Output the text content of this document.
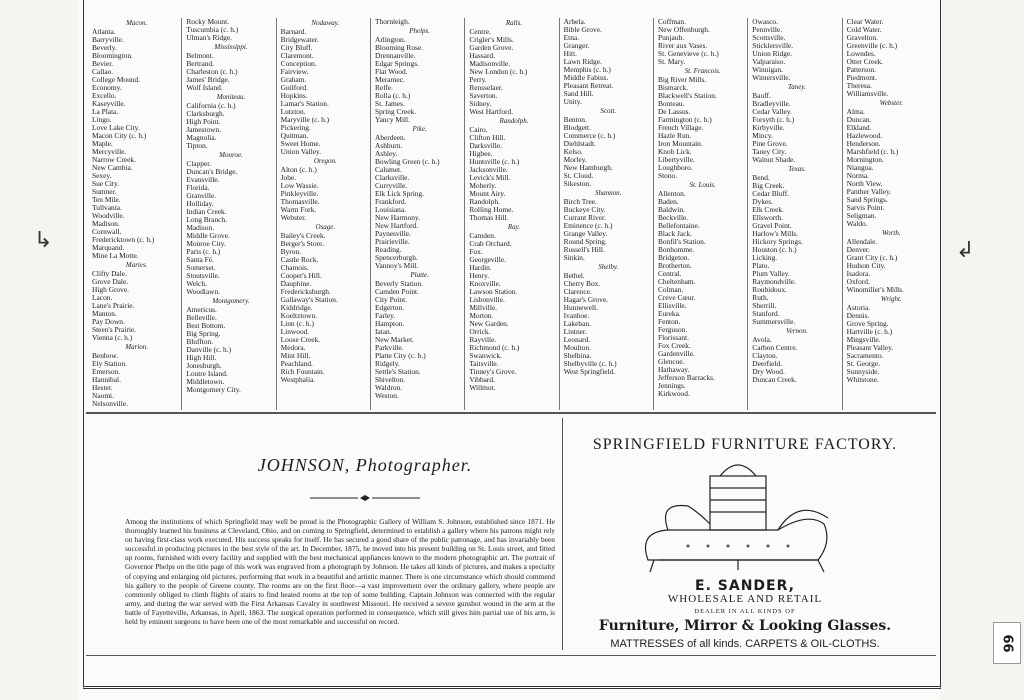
Macon.
Atlanta.
Barryville.
Beverly.
Bloomington.
Bevier.
Callao.
College Mound.
Economy.
Excello.
Kaseyville.
La Plata.
Lingo.
Love Lake City.
Macon City (c. h.)
Maple.
Mercyville.
Narrow Creek.
New Cambia.
Sexey.
Sue City.
Sumner.
Ten Mile.
Tullvania.
Woodville.
Madison.
Cornwall.
Fredericktown (c. h.)
Marquand.
Mine La Motte.
Maries.
Clifty Dale.
Grove Dale.
High Grove.
Lacon.
Lane's Prairie.
Manton.
Pay Down.
Steen's Prairie.
Vienna (c. h.)
Marion.
Benbow.
Ely Station.
Emerson.
Hannibal.
Hester.
Naomi.
Nelsonville.
Rocky Mount.
Tuscumbia (c. h.)
Ulman's Ridge.
Mississippi.
Belmont.
Bertrand.
Charleston (c. h.)
James' Bridge.
Wolf Island.
Moniteau.
California (c. h.)
Clarksburgh.
High Point.
Jamestown.
Magnolia.
Tipton.
Monroe.
Clapper.
Duncan's Bridge.
Evansville.
Florida.
Granville.
Holliday.
Indian Creek.
Long Branch.
Madison.
Middle Grove.
Monroe City.
Paris (c. h.)
Santa Fé.
Somerset.
Stoutsville.
Welch.
Woodlawn.
Montgomery.
Americus.
Belleville.
Best Bottom.
Big Spring.
Bluffton.
Danville (c. h.)
High Hill.
Jonesburgh.
Loutre Island.
Middletown.
Montgomery City.
Nodaway.
Barnard.
Bridgewater.
City Bluff.
Claremont.
Conception.
Fairview.
Graham.
Guilford.
Hopkins.
Lamar's Station.
Lutzton.
Maryville (c. h.)
Pickering.
Quitman.
Sweet Home.
Union Valley.
Oregon.
Alton (c. h.)
Jobe.
Low Wassie.
Pinkleyville.
Thomasville.
Warm Fork.
Webster.
Osage.
Bailey's Creek.
Berger's Store.
Byron.
Castle Rock.
Chamois.
Cooper's Hill.
Dauphine.
Fredericksburgh.
Gallaway's Station.
Kiddridge.
Koeltztown.
Linn (c. h.)
Linwood.
Loose Creek.
Medora.
Mint Hill.
Peachland.
Rich Fountain.
Westphalia.
Thornleigh.
Phelps.
Arlington.
Blooming Rose.
Drennanville.
Edgar Springs.
Flat Wood.
Meramec.
Relfe.
Rolla (c. h.)
St. James.
Spring Creek.
Yancy Mill.
Pike.
Aberdeen.
Ashburn.
Ashley.
Bowling Green (c. h.)
Calumet.
Clarksville.
Curryville.
Elk Lick Spring.
Frankford.
Louisiana.
New Harmony.
New Hartford.
Paynesville.
Prairieville.
Reading.
Spencerburgh.
Vannoy's Mill.
Platte.
Beverly Station.
Camden Point.
City Point.
Edgerton.
Farley.
Hampton.
Iatan.
New Market.
Parkville.
Platte City (c. h.)
Ridgely.
Settle's Station.
Shivelton.
Waldron.
Weston.
Ralls.
Centre.
Crigler's Mills.
Garden Grove.
Hassard.
Madisonville.
New London (c. h.)
Perry.
Rensselaer.
Saverton.
Sidney.
West Hartford.
Randolph.
Cairo.
Clifton Hill.
Darksville.
Higbee.
Huntsville (c. h.)
Jacksonville.
Levick's Mill.
Moberly.
Mount Airy.
Randolph.
Rolling Home.
Thomas Hill.
Ray.
Camden.
Crab Orchard.
Fox.
Georgeville.
Hardin.
Henry.
Knoxville.
Lawson Station.
Lisbonville.
Millville.
Morton.
New Garden.
Orrick.
Rayville.
Richmond (c. h.)
Swanwick.
Taitsville.
Tinney's Grove.
Vibbard.
Willmot.
Arbela.
Bible Grove.
Etna.
Granger.
Hitt.
Lawn Ridge.
Memphis (c. h.)
Middle Fabius.
Pleasant Retreat.
Sand Hill.
Unity.
Scott.
Benton.
Blodgett.
Commerce (c. h.)
Diehlstadt.
Kelso.
Morley.
New Hamburgh.
St. Cloud.
Sikeston.
Shannon.
Birch Tree.
Buckeye City.
Currant River.
Eminence (c. h.)
Grange Valley.
Round Spring.
Russell's Hill.
Sinkin.
Shelby.
Bethel.
Cherry Box.
Clarence.
Hagar's Grove.
Hunnewell.
Ivanhoe.
Lakeban.
Lintner.
Leonard.
Moulton.
Shelbina.
Shelbyville (c. h.)
West Springfield.
Coffman.
New Offenburgh.
Punjaub.
River aux Vases.
St. Genevieve (c. h.)
St. Mary.
St. Francois.
Big River Mills.
Bismarck.
Blackwell's Station.
Bonteau.
De Lassus.
Farmington (c. h.)
French Village.
Hazle Run.
Iron Mountain.
Knob Lick.
Libertyville.
Loughboro.
Stono.
St. Louis.
Allenton.
Baden.
Baldwin.
Beckville.
Bellefontaine.
Black Jack.
Bonfil's Station.
Bonhomme.
Bridgeton.
Brotherton.
Central.
Cheltenham.
Colman.
Creve Cœur.
Ellisville.
Eureka.
Fenton.
Ferguson.
Florissant.
Fox Creek.
Gardenville.
Glencoe.
Hathaway.
Jefferson Barracks.
Jennings.
Kirkwood.
Owasco.
Pennville.
Scottsville.
Sticklersville.
Union Ridge.
Valparaiso.
Winnigan.
Wintersville.
Taney.
Bauff.
Bradleyville.
Cedar Valley.
Forsyth (c. h.)
Kirbyville.
Mincy.
Pine Grove.
Taney City.
Walnut Shade.
Texas.
Bend.
Big Creek.
Cedar Bluff.
Dykes.
Elk Creek.
Ellsworth.
Gravel Point.
Harlow's Mills.
Hickory Springs.
Houston (c. h.)
Licking.
Plato.
Plum Valley.
Raymondville.
Roubidoux.
Ruth.
Sherrill.
Stanford.
Summersville.
Vernon.
Avola.
Carbon Centre.
Clayton.
Deerfield.
Dry Wood.
Duncan Creek.
Clear Water.
Cold Water.
Gravelton.
Greenville (c. h.)
Lowndes.
Otter Creek.
Patterson.
Piedmont.
Theresa.
Williamsville.
Webster.
Alma.
Duncan.
Elkland.
Hazlewood.
Henderson.
Marshfield (c. h.)
Mornington.
Niangua.
Norma.
North View.
Panther Valley.
Sand Springs.
Sarvis Point.
Seligman.
Waldo.
Worth.
Allendale.
Denver.
Grant City (c. h.)
Hudson City.
Isadora.
Oxford.
Winomiller's Mills.
Wright.
Astoria.
Dennis.
Grove Spring.
Hartville (c. h.)
Mingsville.
Pleasant Valley.
Sacramento.
St. George.
Sunnyside.
Whitstone.
↳	↲
JOHNSON, Photographer.
Among the institutions of which Springfield may well be proud is the Photographic Gallery of William S. Johnson, established since 1871. He thoroughly learned his business at Cleveland, Ohio, and on coming to Springfield, determined to establish a gallery where his patrons might rely on having first-class work executed. His success speaks for itself. He has secured a good share of the public patronage, and has invariably been successful in producing pictures in the best style of the art. In December, 1875, he moved into his present building on St. Louis street, and fitted up rooms, furnished with every facility and supplied with the best mechanical appliances known to the modern photographic art. The portrait of Governor Phelps on the title page of this work was engraved from a photograph by Johnson. He takes all kinds of pictures, and makes a specialty of copying and enlarging old pictures, performing that work in a beautiful and artistic manner. There is one circumstance which should commend his gallery to the people of Greene county. The rooms are on the first floor—a vast improvement over the ordinary gallery, where people are commonly obliged to climb flights of stairs to find heated rooms at the top of some building. Captain Johnson was connected with the regular army, and during the war served with the First Arkansas Cavalry in southwest Missouri. He received a severe gunshot wound in the arm at the battle of Fayetteville, Arkansas, in April, 1863. The surgical operation performed in consequence, which still gives him partial use of his arm, is held by eminent surgeons to have been one of the most remarkable and successful on record.
SPRINGFIELD FURNITURE FACTORY.
E. SANDER,
WHOLESALE AND RETAIL
DEALER IN ALL KINDS OF
Furniture, Mirror & Looking Glasses.
MATTRESSES of all kinds. CARPETS & OIL-CLOTHS.	66
